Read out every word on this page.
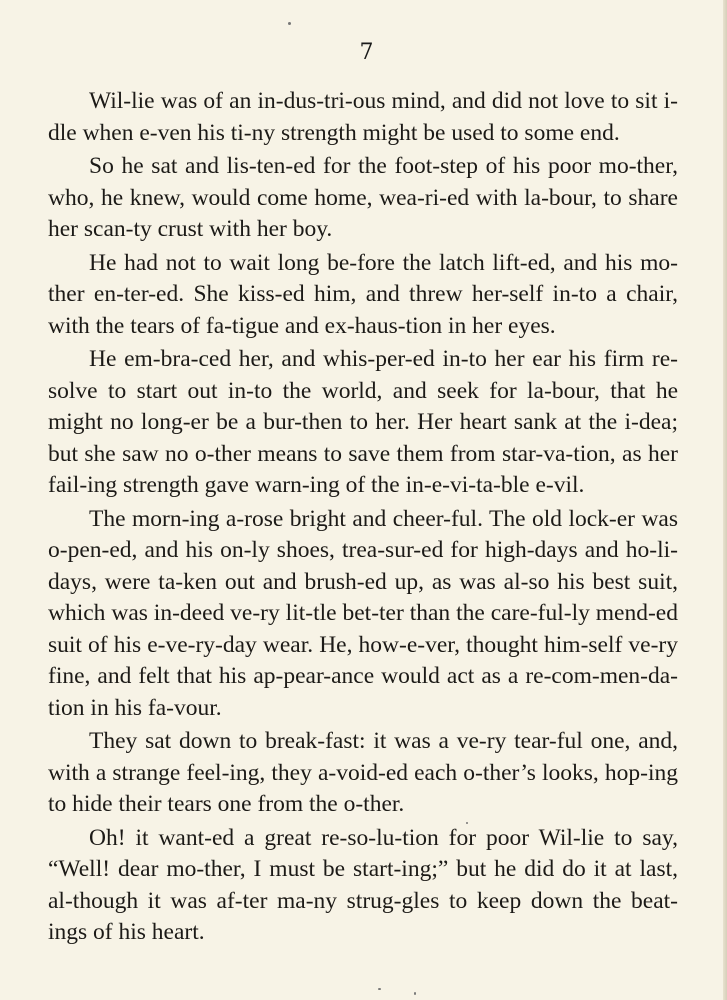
7

Wil-lie was of an in-dus-tri-ous mind, and did not love to sit i-dle when e-ven his ti-ny strength might be used to some end.

So he sat and lis-ten-ed for the foot-step of his poor mo-ther, who, he knew, would come home, wea-ri-ed with la-bour, to share her scan-ty crust with her boy.

He had not to wait long be-fore the latch lift-ed, and his mo-ther en-ter-ed. She kiss-ed him, and threw her-self in-to a chair, with the tears of fa-tigue and ex-haus-tion in her eyes.

He em-bra-ced her, and whis-per-ed in-to her ear his firm re-solve to start out in-to the world, and seek for la-bour, that he might no long-er be a bur-then to her. Her heart sank at the i-dea; but she saw no o-ther means to save them from star-va-tion, as her fail-ing strength gave warn-ing of the in-e-vi-ta-ble e-vil.

The morn-ing a-rose bright and cheer-ful. The old lock-er was o-pen-ed, and his on-ly shoes, trea-sur-ed for high-days and ho-li-days, were ta-ken out and brush-ed up, as was al-so his best suit, which was in-deed ve-ry lit-tle bet-ter than the care-ful-ly mend-ed suit of his e-ve-ry-day wear. He, how-e-ver, thought him-self ve-ry fine, and felt that his ap-pear-ance would act as a re-com-men-da-tion in his fa-vour.

They sat down to break-fast: it was a ve-ry tear-ful one, and, with a strange feel-ing, they a-void-ed each o-ther’s looks, hop-ing to hide their tears one from the o-ther.

Oh! it want-ed a great re-so-lu-tion for poor Wil-lie to say, “Well! dear mo-ther, I must be start-ing;” but he did do it at last, al-though it was af-ter ma-ny strug-gles to keep down the beat-ings of his heart.
